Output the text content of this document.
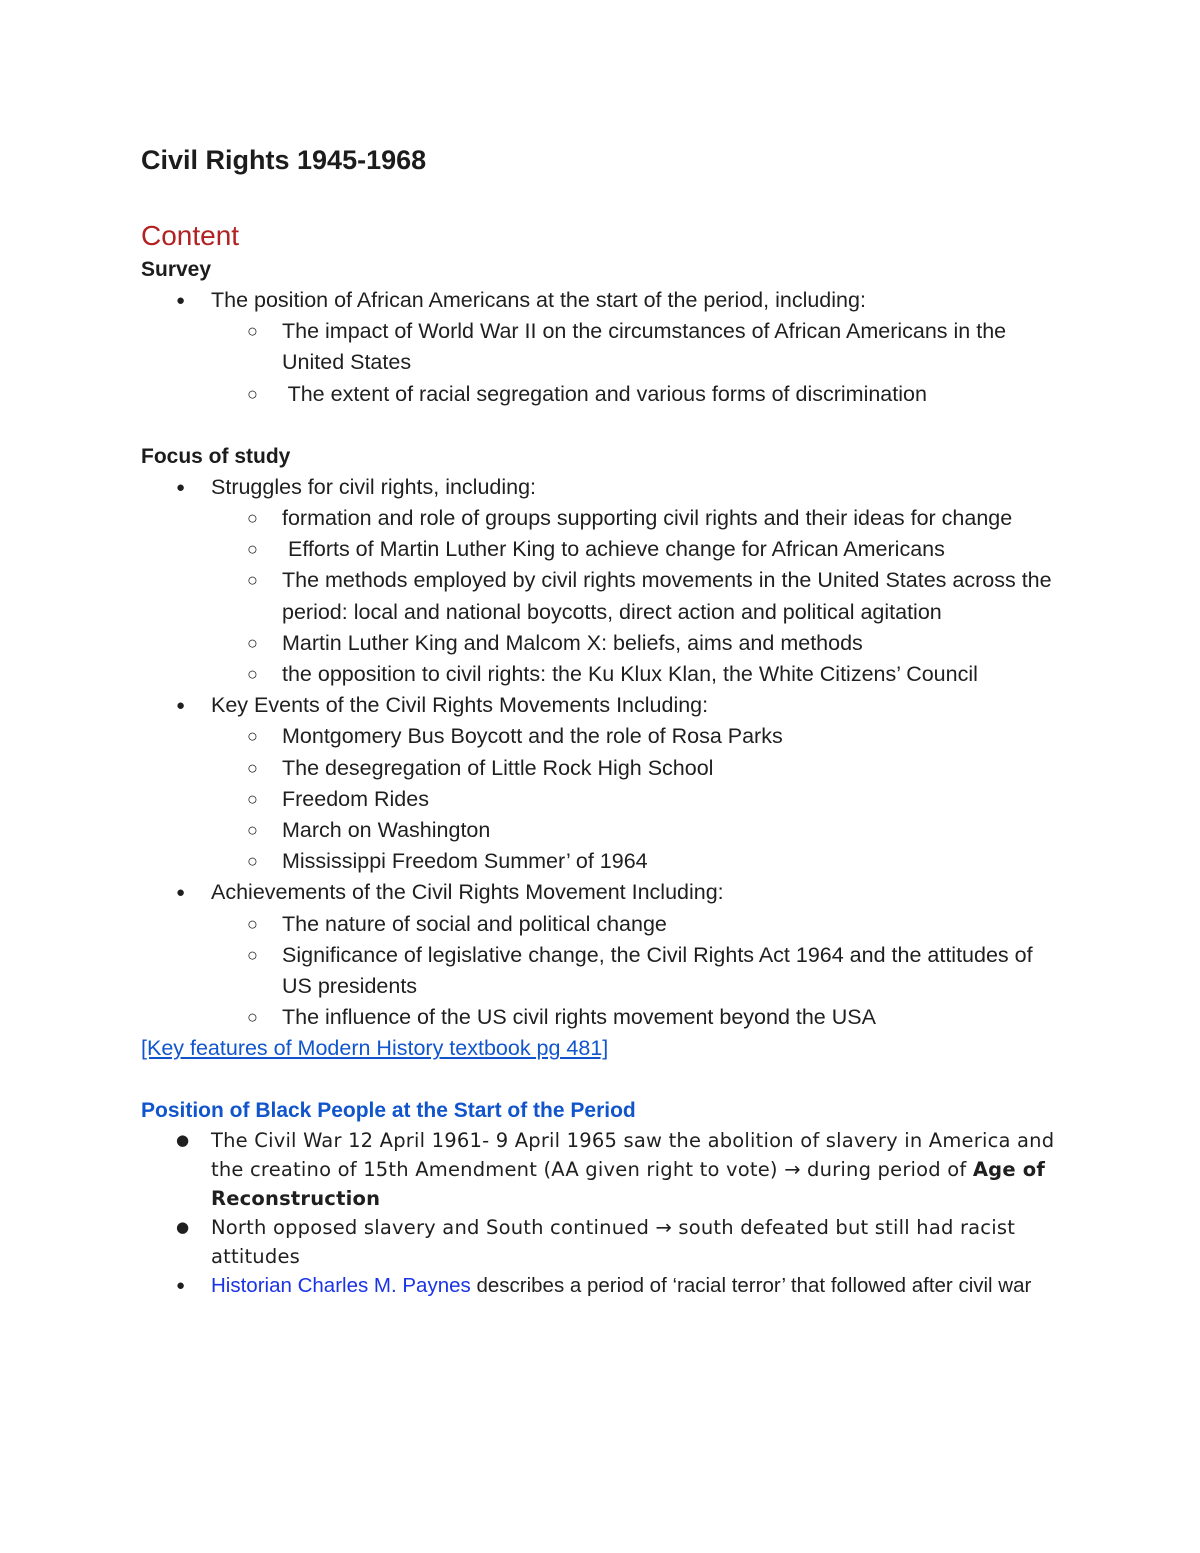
Civil Rights 1945-1968
Content
Survey
● The position of African Americans at the start of the period, including:
○ The impact of World War II on the circumstances of African Americans in the United States
○ The extent of racial segregation and various forms of discrimination
Focus of study
● Struggles for civil rights, including:
○ formation and role of groups supporting civil rights and their ideas for change
○ Efforts of Martin Luther King to achieve change for African Americans
○ The methods employed by civil rights movements in the United States across the period: local and national boycotts, direct action and political agitation
○ Martin Luther King and Malcom X: beliefs, aims and methods
○ the opposition to civil rights: the Ku Klux Klan, the White Citizens’ Council
● Key Events of the Civil Rights Movements Including:
○ Montgomery Bus Boycott and the role of Rosa Parks
○ The desegregation of Little Rock High School
○ Freedom Rides
○ March on Washington
○ Mississippi Freedom Summer’ of 1964
● Achievements of the Civil Rights Movement Including:
○ The nature of social and political change
○ Significance of legislative change, the Civil Rights Act 1964 and the attitudes of US presidents
○ The influence of the US civil rights movement beyond the USA
[Key features of Modern History textbook pg 481]
Position of Black People at the Start of the Period
● The Civil War 12 April 1961- 9 April 1965 saw the abolition of slavery in America and the creatino of 15th Amendment (AA given right to vote) → during period of Age of Reconstruction
● North opposed slavery and South continued → south defeated but still had racist attitudes
● Historian Charles M. Paynes describes a period of ‘racial terror’ that followed after civil war
